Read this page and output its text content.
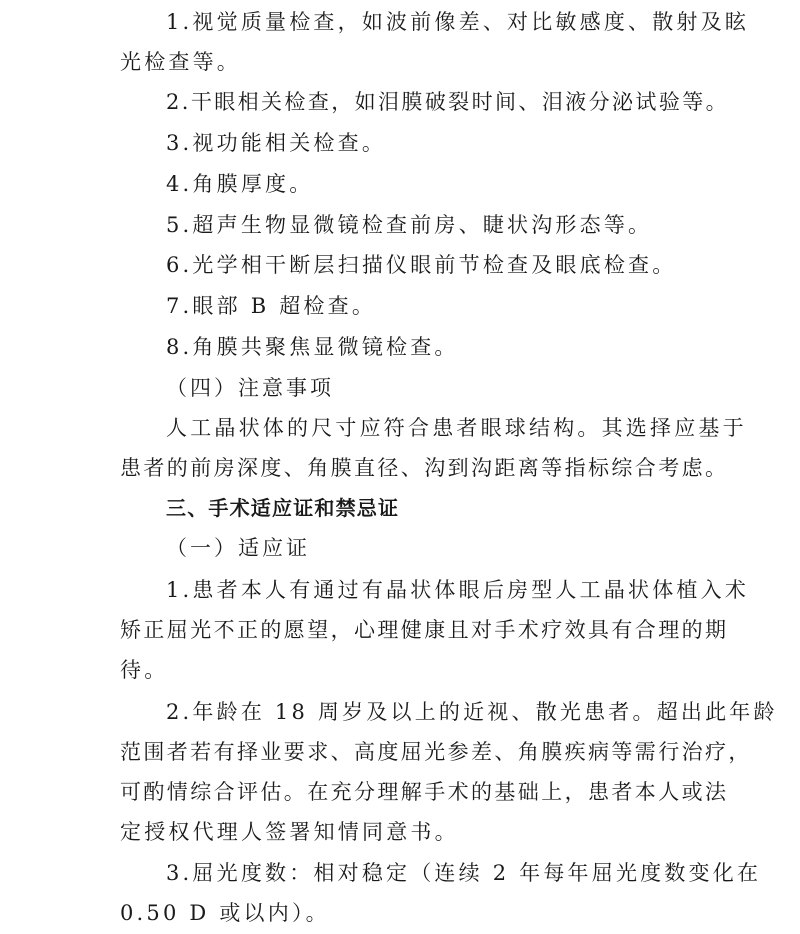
1.视觉质量检查，如波前像差、对比敏感度、散射及眩
光检查等。
2.干眼相关检查，如泪膜破裂时间、泪液分泌试验等。
3.视功能相关检查。
4.角膜厚度。
5.超声生物显微镜检查前房、睫状沟形态等。
6.光学相干断层扫描仪眼前节检查及眼底检查。
7.眼部 B 超检查。
8.角膜共聚焦显微镜检查。
（四）注意事项
人工晶状体的尺寸应符合患者眼球结构。其选择应基于
患者的前房深度、角膜直径、沟到沟距离等指标综合考虑。
三、手术适应证和禁忌证
（一）适应证
1.患者本人有通过有晶状体眼后房型人工晶状体植入术
矫正屈光不正的愿望，心理健康且对手术疗效具有合理的期
待。
2.年龄在 18 周岁及以上的近视、散光患者。超出此年龄
范围者若有择业要求、高度屈光参差、角膜疾病等需行治疗，
可酌情综合评估。在充分理解手术的基础上，患者本人或法
定授权代理人签署知情同意书。
3.屈光度数：相对稳定（连续 2 年每年屈光度数变化在
0.50 D 或以内）。
